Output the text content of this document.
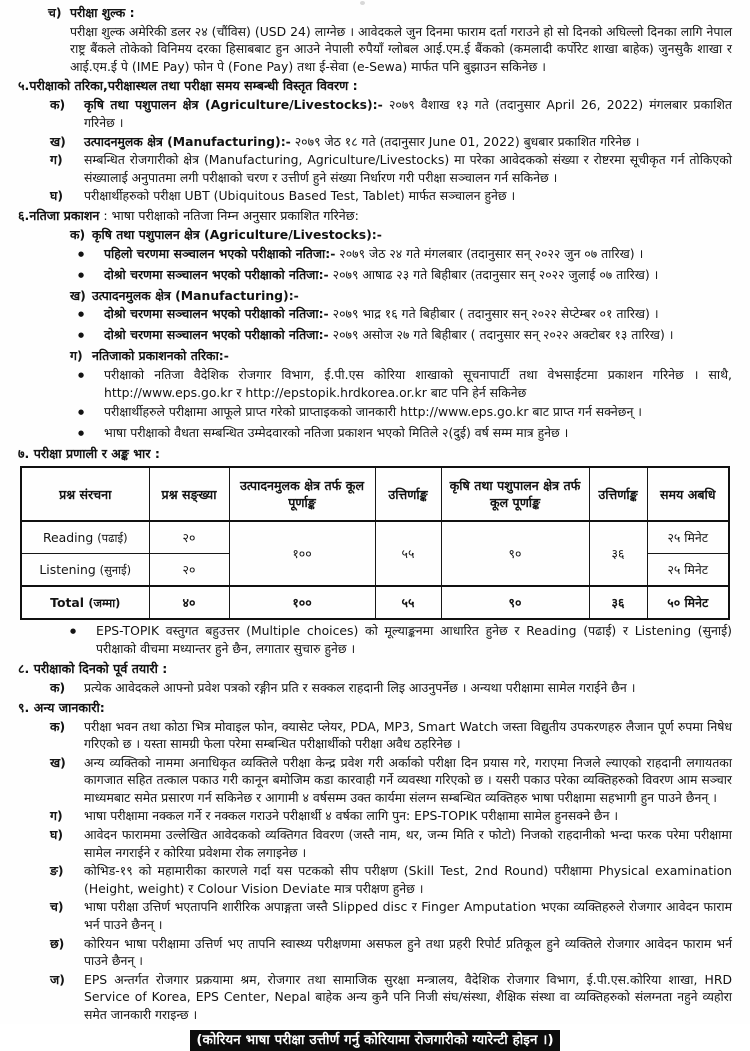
च) परीक्षा शुल्क :

परीक्षा शुल्क अमेरिकी डलर २४ (चौंविस) (USD 24) लाग्नेछ । आवेदकले जुन दिनमा फाराम दर्ता गराउने हो सो दिनको अघिल्लो दिनका लागि नेपाल राष्ट्र बैंकले तोकेको विनिमय दरका हिसाबबाट हुन आउने नेपाली रुपैयाँ ग्लोबल आई.एम.ई बैंकको (कमलादी कर्पोरेट शाखा बाहेक) जुनसुकै शाखा र आई.एम.ई पे (IME Pay) फोन पे (Fone Pay) तथा ई-सेवा (e-Sewa) मार्फत पनि बुझाउन सकिनेछ ।

५.परीक्षाको तरिका,परीक्षास्थल तथा परीक्षा समय सम्बन्धी विस्तृत विवरण :
क)	कृषि तथा पशुपालन क्षेत्र (Agriculture/Livestocks):- २०७९ वैशाख १३ गते (तदानुसार April 26, 2022) मंगलबार प्रकाशित गरिनेछ ।
ख)	उत्पादनमुलक क्षेत्र (Manufacturing):- २०७९ जेठ १८ गते (तदानुसार June 01, 2022) बुधबार प्रकाशित गरिनेछ ।
ग)	सम्बन्धित रोजगारीको क्षेत्र (Manufacturing, Agriculture/Livestocks) मा परेका आवेदकको संख्या र रोष्टरमा सूचीकृत गर्न तोकिएको संख्यालाई अनुपातमा लगी परीक्षाको चरण र उत्तीर्ण हुने संख्या निर्धारण गरी परीक्षा सञ्चालन गर्न सकिनेछ ।
घ)	परीक्षार्थीहरुको परीक्षा UBT (Ubiquitous Based Test, Tablet) मार्फत सञ्चालन हुनेछ ।
६.नतिजा प्रकाशन : भाषा परीक्षाको नतिजा निम्न अनुसार प्रकाशित गरिनेछ:
क) कृषि तथा पशुपालन क्षेत्र (Agriculture/Livestocks):-
●
पहिलो चरणमा सञ्चालन भएको परीक्षाको नतिजा:- २०७९ जेठ २४ गते मंगलबार (तदानुसार सन् २०२२ जुन ०७ तारिख) ।
●
दोश्रो चरणमा सञ्चालन भएको परीक्षाको नतिजा:- २०७९ आषाढ २३ गते बिहीबार (तदानुसार सन् २०२२ जुलाई ०७ तारिख) ।
ख) उत्पादनमुलक क्षेत्र (Manufacturing):-
●
दोश्रो चरणमा सञ्चालन भएको परीक्षाको नतिजा:- २०७९ भाद्र १६ गते बिहीबार ( तदानुसार सन् २०२२ सेप्टेम्बर ०१ तारिख) ।
●
दोश्रो चरणमा सञ्चालन भएको परीक्षाको नतिजा:- २०७९ असोज २७ गते बिहीबार ( तदानुसार सन् २०२२ अक्टोबर १३ तारिख) ।
ग) नतिजाको प्रकाशनको तरिका:-
●
परीक्षाको नतिजा वैदेशिक रोजगार विभाग, ई.पी.एस कोरिया शाखाको सूचनापार्टी तथा वेभसाईटमा प्रकाशन गरिनेछ । साथै, http://www.eps.go.kr र http://epstopik.hrdkorea.or.kr बाट पनि हेर्न सकिनेछ
●
परीक्षार्थीहरुले परीक्षामा आफूले प्राप्त गरेको प्राप्ताइकको जानकारी http://www.eps.go.kr बाट प्राप्त गर्न सक्नेछन् ।
●
भाषा परीक्षाको वैधता सम्बन्धित उम्मेदवारको नतिजा प्रकाशन भएको मितिले २(दुई) वर्ष सम्म मात्र हुनेछ ।
७. परीक्षा प्रणाली र अङ्क भार :
प्रश्न संरचना	प्रश्न सङ्ख्या	उत्पादनमुलक क्षेत्र तर्फ कूल पूर्णाङ्क	उत्तिर्णाङ्क	कृषि तथा पशुपालन क्षेत्र तर्फ कूल पूर्णाङ्क	उत्तिर्णाङ्क	समय अबधि
Reading (पढाई)	२०	१००	५५	९०	३६	२५ मिनेट
Listening (सुनाई)	२०					२५ मिनेट
Total (जम्मा)	४०	१००	५५	९०	३६	५० मिनेट
●
EPS-TOPIK वस्तुगत बहुउत्तर (Multiple choices) को मूल्याङ्कनमा आधारित हुनेछ र Reading (पढाई) र Listening (सुनाई) परीक्षाको वीचमा मध्यान्तर हुने छैन, लगातार सुचारु हुनेछ ।
८. परीक्षाको दिनको पूर्व तयारी :
क)	प्रत्येक आवेदकले आफ्नो प्रवेश पत्रको रङ्गीन प्रति र सक्कल राहदानी लिइ आउनुपर्नेछ । अन्यथा परीक्षामा सामेल गराईने छैन ।
९. अन्य जानकारी:
क)	परीक्षा भवन तथा कोठा भित्र मोवाइल फोन, क्यासेट प्लेयर, PDA, MP3, Smart Watch जस्ता विद्युतीय उपकरणहरु लैजान पूर्ण रुपमा निषेध गरिएको छ । यस्ता सामग्री फेला परेमा सम्बन्धित परीक्षार्थीको परीक्षा अवैध ठहरिनेछ ।
ख)	अन्य व्यक्तिको नाममा अनाधिकृत व्यक्तिले परीक्षा केन्द्र प्रवेश गरी अर्काको परीक्षा दिन प्रयास गरे, गराएमा निजले ल्याएको राहदानी लगायतका कागजात सहित तत्काल पकाउ गरी कानून बमोजिम कडा कारवाही गर्ने व्यवस्था गरिएको छ । यसरी पकाउ परेका व्यक्तिहरुको विवरण आम सञ्चार माध्यमबाट समेत प्रसारण गर्न सकिनेछ र आगामी ४ वर्षसम्म उक्त कार्यमा संलग्न सम्बन्धित व्यक्तिहरु भाषा परीक्षामा सहभागी हुन पाउने छैनन् ।
ग)	भाषा परीक्षामा नक्कल गर्ने र नक्कल गराउने परीक्षार्थी ४ वर्षका लागि पुन: EPS-TOPIK परीक्षामा सामेल हुनसक्ने छैन ।
घ)	आवेदन फाराममा उल्लेखित आवेदकको व्यक्तिगत विवरण (जस्तै नाम, थर, जन्म मिति र फोटो) निजको राहदानीको भन्दा फरक परेमा परीक्षामा सामेल नगराईने र कोरिया प्रवेशमा रोक लगाइनेछ ।
ङ)	कोभिड-१९ को महामारीका कारणले गर्दा यस पटकको सीप परीक्षण (Skill Test, 2nd Round) परीक्षामा Physical examination (Height, weight) र Colour Vision Deviate मात्र परीक्षण हुनेछ ।
च)	भाषा परीक्षा उत्तिर्ण भएतापनि शारीरिक अपाङ्गता जस्तै Slipped disc र Finger Amputation भएका व्यक्तिहरुले रोजगार आवेदन फाराम भर्न पाउने छैनन् ।
छ)	कोरियन भाषा परीक्षामा उत्तिर्ण भए तापनि स्वास्थ्य परीक्षणमा असफल हुने तथा प्रहरी रिपोर्ट प्रतिकूल हुने व्यक्तिले रोजगार आवेदन फाराम भर्न पाउने छैनन् ।
ज)	EPS अन्तर्गत रोजगार प्रक्रयामा श्रम, रोजगार तथा सामाजिक सुरक्षा मन्त्रालय, वैदेशिक रोजगार विभाग, ई.पी.एस.कोरिया शाखा, HRD Service of Korea, EPS Center, Nepal बाहेक अन्य कुनै पनि निजी संघ/संस्था, शैक्षिक संस्था वा व्यक्तिहरुको संलग्नता नहुने व्यहोरा समेत जानकारी गराइन्छ ।
(कोरियन भाषा परीक्षा उत्तीर्ण गर्नु कोरियामा रोजगारीको ग्यारेन्टी होइन ।)
